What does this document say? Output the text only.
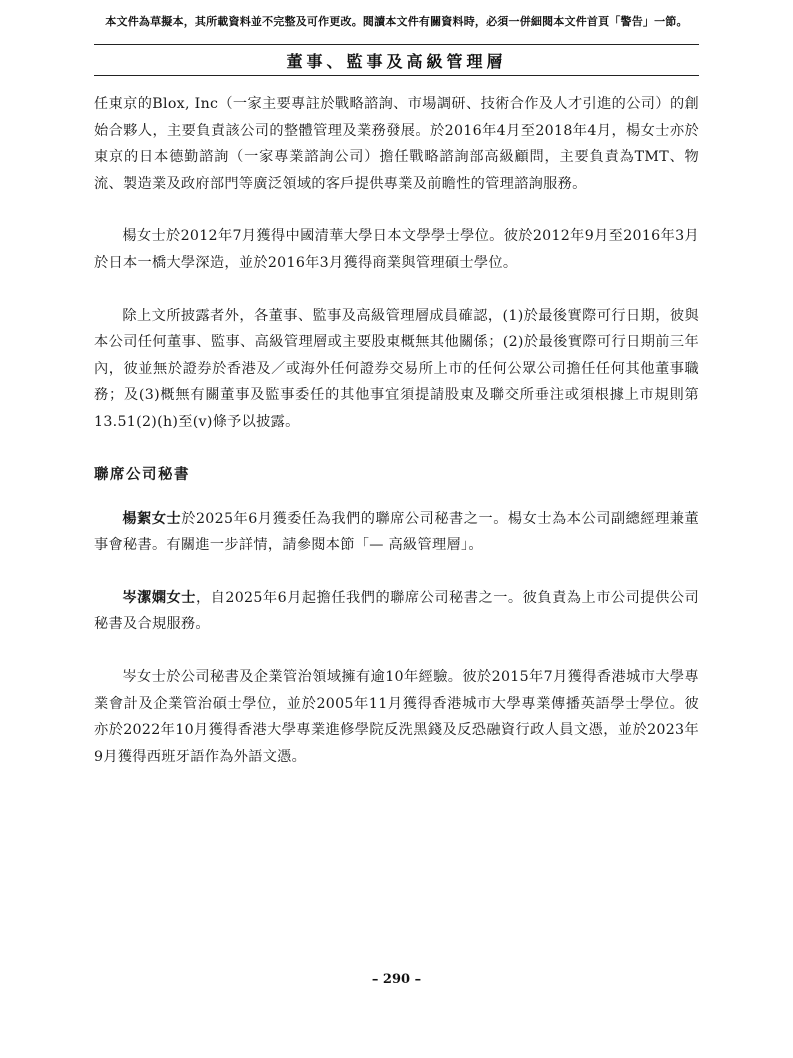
本文件為草擬本，其所載資料並不完整及可作更改。閱讀本文件有關資料時，必須一併細閱本文件首頁「警告」一節。
董事、監事及高級管理層

任東京的Blox, Inc（一家主要專註於戰略諮詢、市場調研、技術合作及人才引進的公司）的創始合夥人，主要負責該公司的整體管理及業務發展。於2016年4月至2018年4月，楊女士亦於東京的日本德勤諮詢（一家專業諮詢公司）擔任戰略諮詢部高級顧問，主要負責為TMT、物流、製造業及政府部門等廣泛領域的客戶提供專業及前瞻性的管理諮詢服務。

楊女士於2012年7月獲得中國清華大學日本文學學士學位。彼於2012年9月至2016年3月於日本一橋大學深造，並於2016年3月獲得商業與管理碩士學位。

除上文所披露者外，各董事、監事及高級管理層成員確認，(1)於最後實際可行日期，彼與本公司任何董事、監事、高級管理層或主要股東概無其他關係；(2)於最後實際可行日期前三年內，彼並無於證券於香港及／或海外任何證券交易所上市的任何公眾公司擔任任何其他董事職務；及(3)概無有關董事及監事委任的其他事宜須提請股東及聯交所垂注或須根據上市規則第13.51(2)(h)至(v)條予以披露。

聯席公司秘書

楊絮女士於2025年6月獲委任為我們的聯席公司秘書之一。楊女士為本公司副總經理兼董事會秘書。有關進一步詳情，請參閱本節「— 高級管理層」。

岑潔嫻女士，自2025年6月起擔任我們的聯席公司秘書之一。彼負責為上市公司提供公司秘書及合規服務。

岑女士於公司秘書及企業管治領域擁有逾10年經驗。彼於2015年7月獲得香港城市大學專業會計及企業管治碩士學位，並於2005年11月獲得香港城市大學專業傳播英語學士學位。彼亦於2022年10月獲得香港大學專業進修學院反洗黑錢及反恐融資行政人員文憑，並於2023年9月獲得西班牙語作為外語文憑。

– 290 –
